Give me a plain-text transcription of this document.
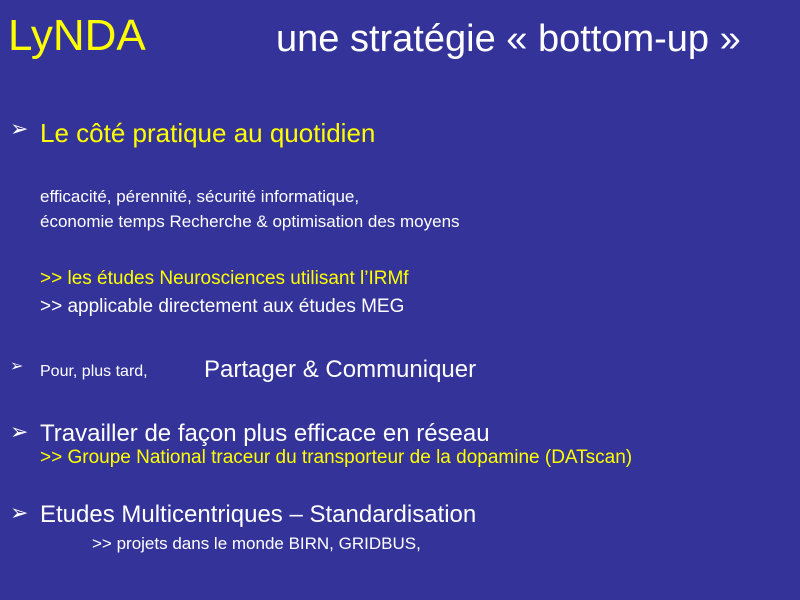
LyNDA	une stratégie « bottom-up »
➢ Le côté pratique au quotidien
efficacité, pérennité, sécurité informatique,
économie temps Recherche & optimisation des moyens
>> les études Neurosciences utilisant l’IRMf
>> applicable directement aux études MEG
➢ Pour, plus tard, Partager & Communiquer
➢ Travailler de façon plus efficace en réseau
>> Groupe National traceur du transporteur de la dopamine (DATscan)
➢ Etudes Multicentriques – Standardisation
>> projets dans le monde BIRN, GRIDBUS,
